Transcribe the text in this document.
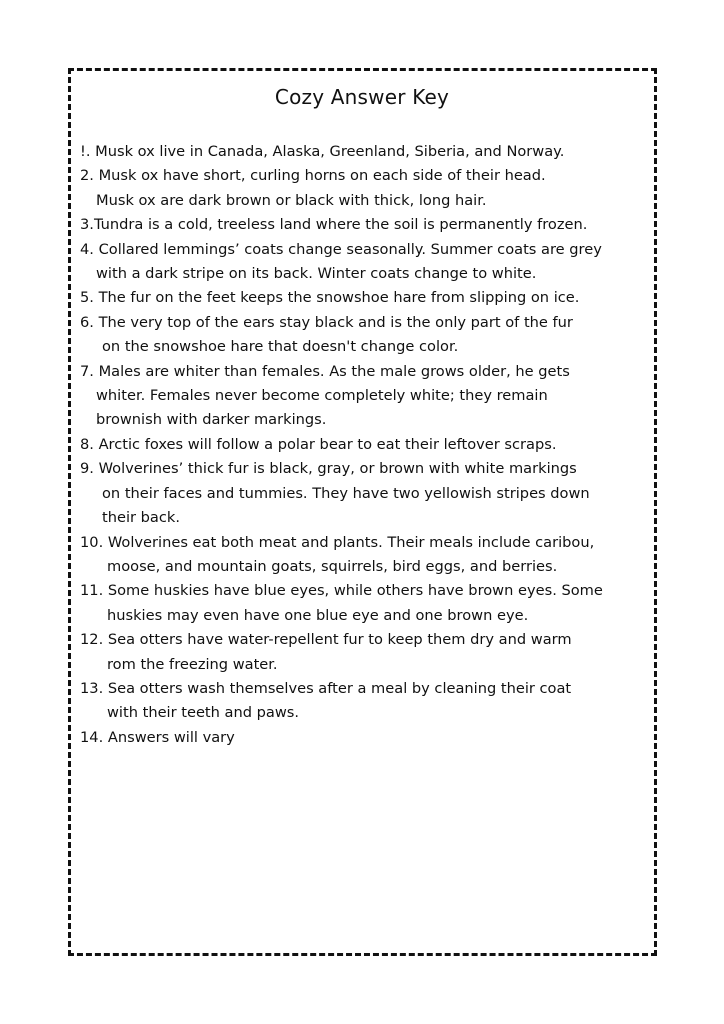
Cozy Answer Key
!. Musk ox live in Canada, Alaska, Greenland, Siberia, and Norway.
2. Musk ox have short, curling horns on each side of their head.
Musk ox are dark brown or black with thick, long hair.
3.Tundra is a cold, treeless land where the soil is permanently frozen.
4. Collared lemmings’ coats change seasonally. Summer coats are grey
with a dark stripe on its back. Winter coats change to white.
5. The fur on the feet keeps the snowshoe hare from slipping on ice.
6. The very top of the ears stay black and is the only part of the fur
on the snowshoe hare that doesn't change color.
7. Males are whiter than females. As the male grows older, he gets
whiter. Females never become completely white; they remain
brownish with darker markings.
8. Arctic foxes will follow a polar bear to eat their leftover scraps.
9. Wolverines’ thick fur is black, gray, or brown with white markings
on their faces and tummies. They have two yellowish stripes down
their back.
10. Wolverines eat both meat and plants. Their meals include caribou,
moose, and mountain goats, squirrels, bird eggs, and berries.
11. Some huskies have blue eyes, while others have brown eyes. Some
huskies may even have one blue eye and one brown eye.
12. Sea otters have water-repellent fur to keep them dry and warm
rom the freezing water.
13. Sea otters wash themselves after a meal by cleaning their coat
with their teeth and paws.
14. Answers will vary
